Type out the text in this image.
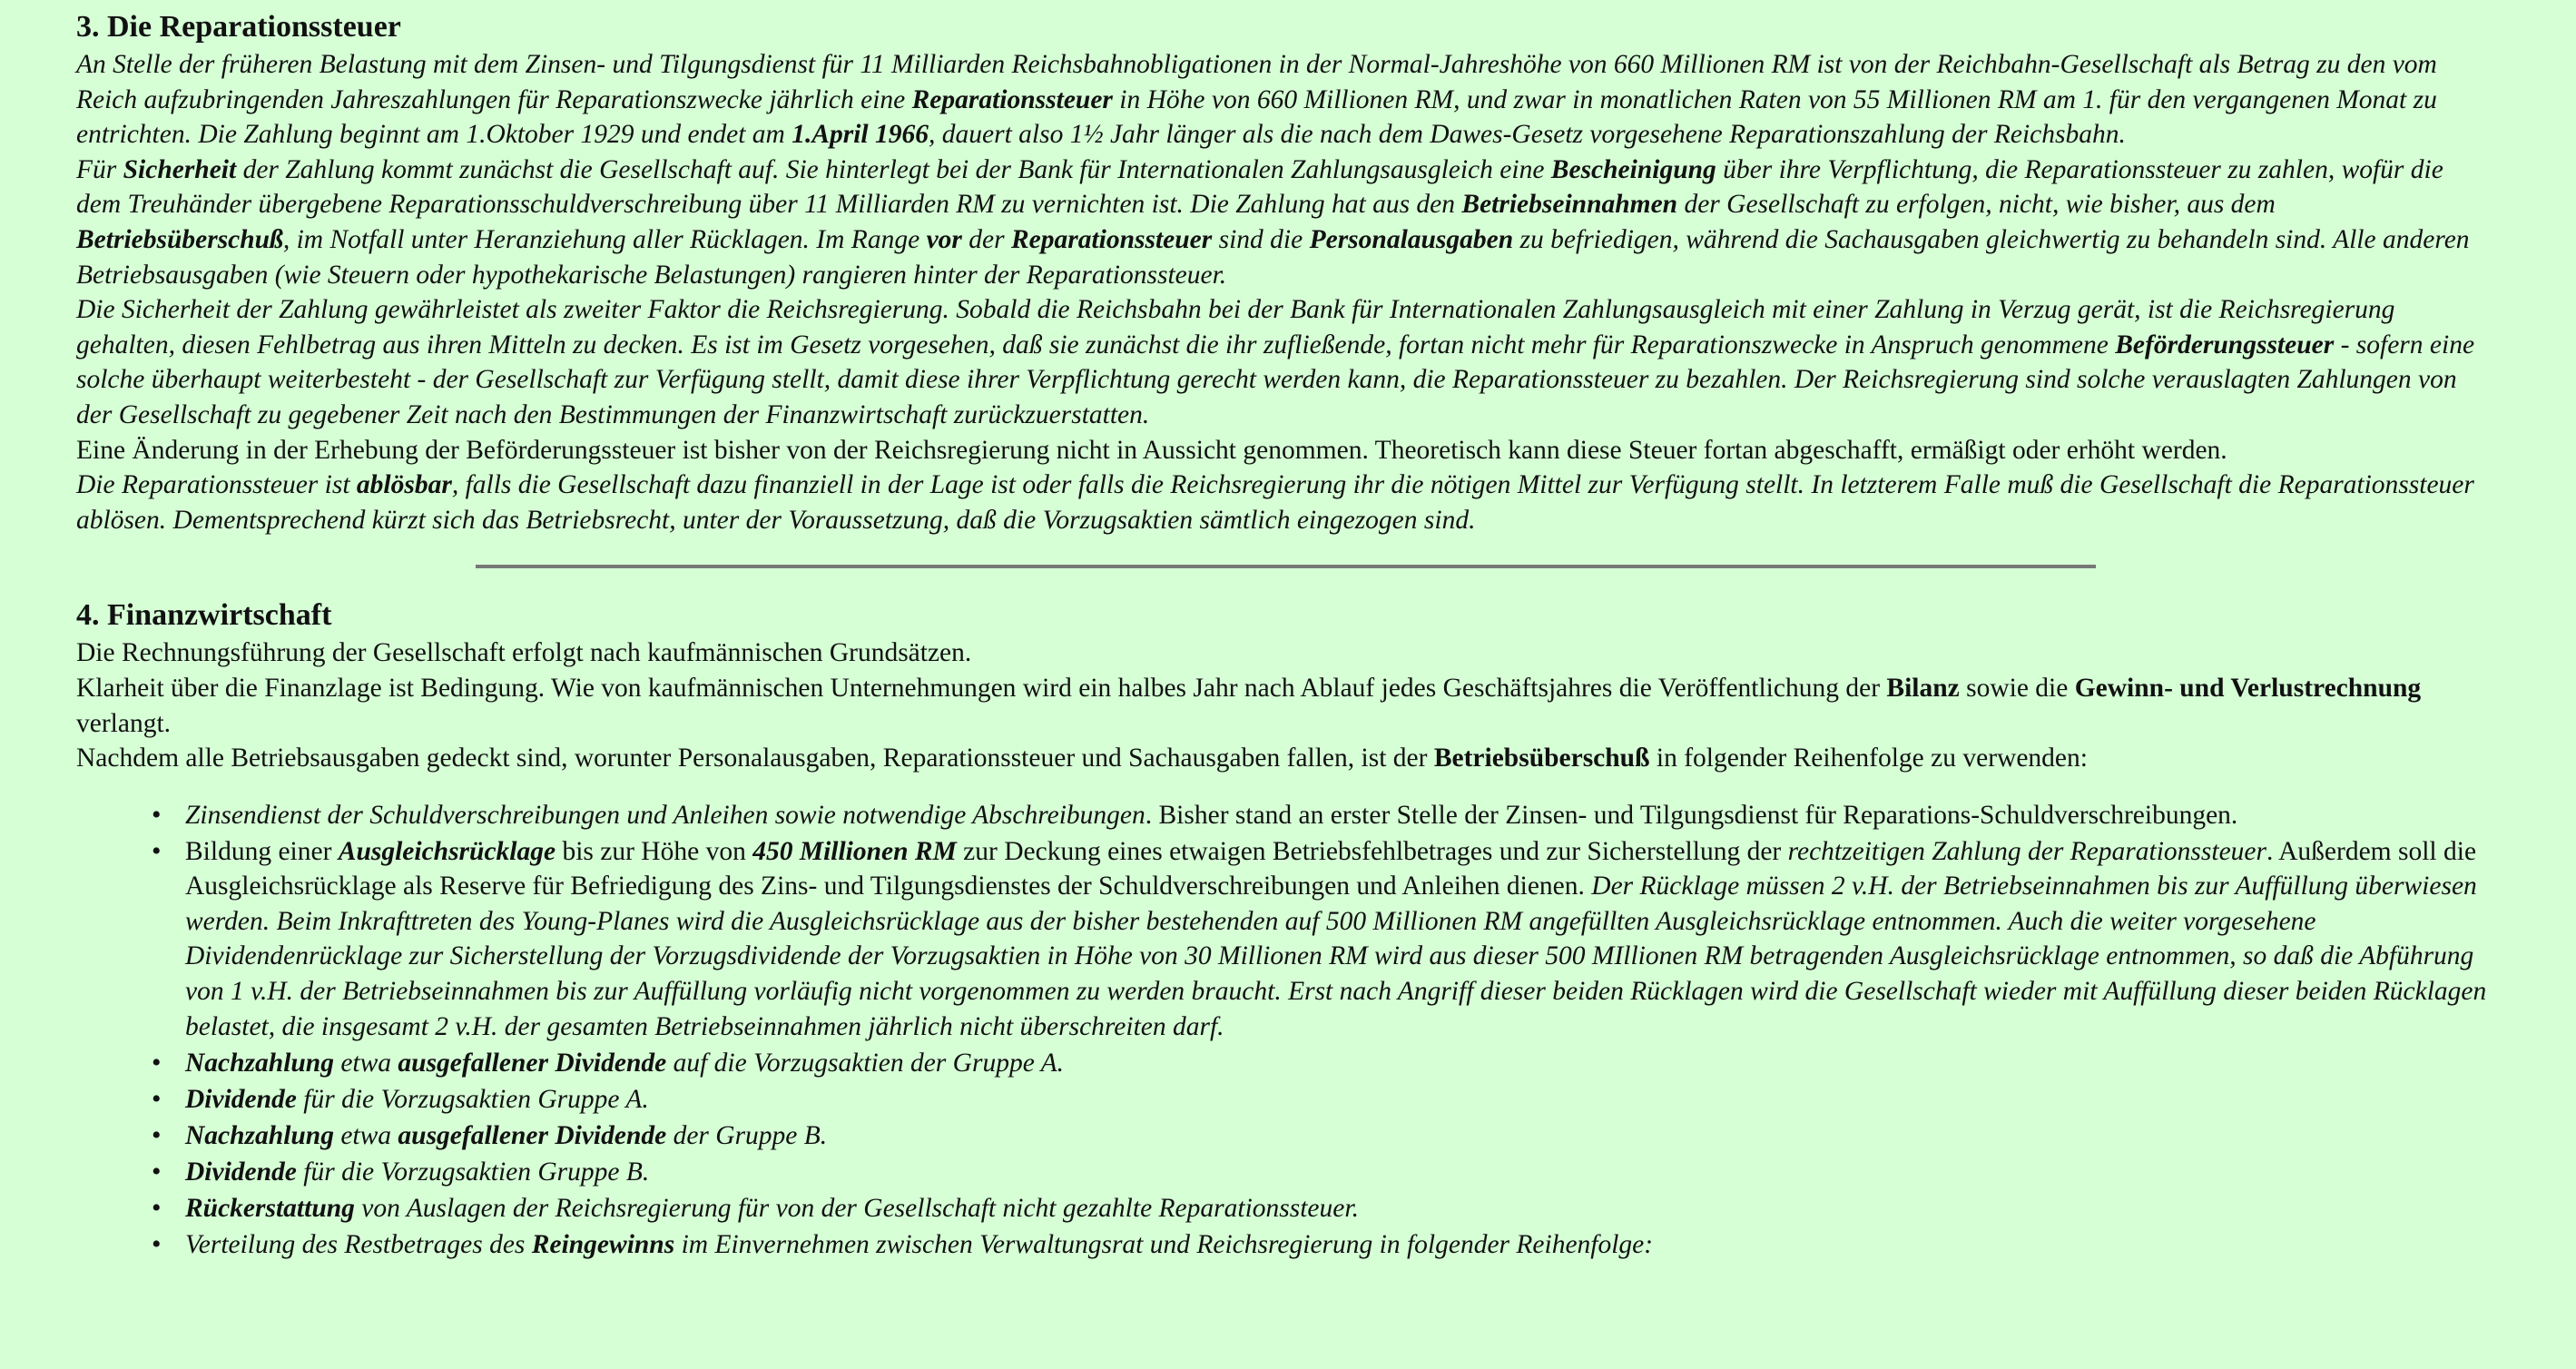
3. Die Reparationssteuer

An Stelle der früheren Belastung mit dem Zinsen- und Tilgungsdienst für 11 Milliarden Reichsbahnobligationen in der Normal-Jahreshöhe von 660 Millionen RM ist von der Reichbahn-Gesellschaft als Betrag zu den vom Reich aufzubringenden Jahreszahlungen für Reparationszwecke jährlich eine Reparationssteuer in Höhe von 660 Millionen RM, und zwar in monatlichen Raten von 55 Millionen RM am 1. für den vergangenen Monat zu entrichten. Die Zahlung beginnt am 1.Oktober 1929 und endet am 1.April 1966, dauert also 1½ Jahr länger als die nach dem Dawes-Gesetz vorgesehene Reparationszahlung der Reichsbahn.

Für Sicherheit der Zahlung kommt zunächst die Gesellschaft auf. Sie hinterlegt bei der Bank für Internationalen Zahlungsausgleich eine Bescheinigung über ihre Verpflichtung, die Reparationssteuer zu zahlen, wofür die dem Treuhänder übergebene Reparationsschuldverschreibung über 11 Milliarden RM zu vernichten ist. Die Zahlung hat aus den Betriebseinnahmen der Gesellschaft zu erfolgen, nicht, wie bisher, aus dem Betriebsüberschuß, im Notfall unter Heranziehung aller Rücklagen. Im Range vor der Reparationssteuer sind die Personalausgaben zu befriedigen, während die Sachausgaben gleichwertig zu behandeln sind. Alle anderen Betriebsausgaben (wie Steuern oder hypothekarische Belastungen) rangieren hinter der Reparationssteuer.

Die Sicherheit der Zahlung gewährleistet als zweiter Faktor die Reichsregierung. Sobald die Reichsbahn bei der Bank für Internationalen Zahlungsausgleich mit einer Zahlung in Verzug gerät, ist die Reichsregierung gehalten, diesen Fehlbetrag aus ihren Mitteln zu decken. Es ist im Gesetz vorgesehen, daß sie zunächst die ihr zufließende, fortan nicht mehr für Reparationszwecke in Anspruch genommene Beförderungssteuer - sofern eine solche überhaupt weiterbesteht - der Gesellschaft zur Verfügung stellt, damit diese ihrer Verpflichtung gerecht werden kann, die Reparationssteuer zu bezahlen. Der Reichsregierung sind solche verauslagten Zahlungen von der Gesellschaft zu gegebener Zeit nach den Bestimmungen der Finanzwirtschaft zurückzuerstatten.

Eine Änderung in der Erhebung der Beförderungssteuer ist bisher von der Reichsregierung nicht in Aussicht genommen. Theoretisch kann diese Steuer fortan abgeschafft, ermäßigt oder erhöht werden.

Die Reparationssteuer ist ablösbar, falls die Gesellschaft dazu finanziell in der Lage ist oder falls die Reichsregierung ihr die nötigen Mittel zur Verfügung stellt. In letzterem Falle muß die Gesellschaft die Reparationssteuer ablösen. Dementsprechend kürzt sich das Betriebsrecht, unter der Voraussetzung, daß die Vorzugsaktien sämtlich eingezogen sind.

4. Finanzwirtschaft

Die Rechnungsführung der Gesellschaft erfolgt nach kaufmännischen Grundsätzen.

Klarheit über die Finanzlage ist Bedingung. Wie von kaufmännischen Unternehmungen wird ein halbes Jahr nach Ablauf jedes Geschäftsjahres die Veröffentlichung der Bilanz sowie die Gewinn- und Verlustrechnung verlangt.

Nachdem alle Betriebsausgaben gedeckt sind, worunter Personalausgaben, Reparationssteuer und Sachausgaben fallen, ist der Betriebsüberschuß in folgender Reihenfolge zu verwenden:

• Zinsendienst der Schuldverschreibungen und Anleihen sowie notwendige Abschreibungen. Bisher stand an erster Stelle der Zinsen- und Tilgungsdienst für Reparations-Schuldverschreibungen.
• Bildung einer Ausgleichsrücklage bis zur Höhe von 450 Millionen RM zur Deckung eines etwaigen Betriebsfehlbetrages und zur Sicherstellung der rechtzeitigen Zahlung der Reparationssteuer. Außerdem soll die Ausgleichsrücklage als Reserve für Befriedigung des Zins- und Tilgungsdienstes der Schuldverschreibungen und Anleihen dienen. Der Rücklage müssen 2 v.H. der Betriebseinnahmen bis zur Auffüllung überwiesen werden. Beim Inkrafttreten des Young-Planes wird die Ausgleichsrücklage aus der bisher bestehenden auf 500 Millionen RM angefüllten Ausgleichsrücklage entnommen. Auch die weiter vorgesehene Dividendenrücklage zur Sicherstellung der Vorzugsdividende der Vorzugsaktien in Höhe von 30 Millionen RM wird aus dieser 500 MIllionen RM betragenden Ausgleichsrücklage entnommen, so daß die Abführung von 1 v.H. der Betriebseinnahmen bis zur Auffüllung vorläufig nicht vorgenommen zu werden braucht. Erst nach Angriff dieser beiden Rücklagen wird die Gesellschaft wieder mit Auffüllung dieser beiden Rücklagen belastet, die insgesamt 2 v.H. der gesamten Betriebseinnahmen jährlich nicht überschreiten darf.
• Nachzahlung etwa ausgefallener Dividende auf die Vorzugsaktien der Gruppe A.
• Dividende für die Vorzugsaktien Gruppe A.
• Nachzahlung etwa ausgefallener Dividende der Gruppe B.
• Dividende für die Vorzugsaktien Gruppe B.
• Rückerstattung von Auslagen der Reichsregierung für von der Gesellschaft nicht gezahlte Reparationssteuer.
• Verteilung des Restbetrages des Reingewinns im Einvernehmen zwischen Verwaltungsrat und Reichsregierung in folgender Reihenfolge:
